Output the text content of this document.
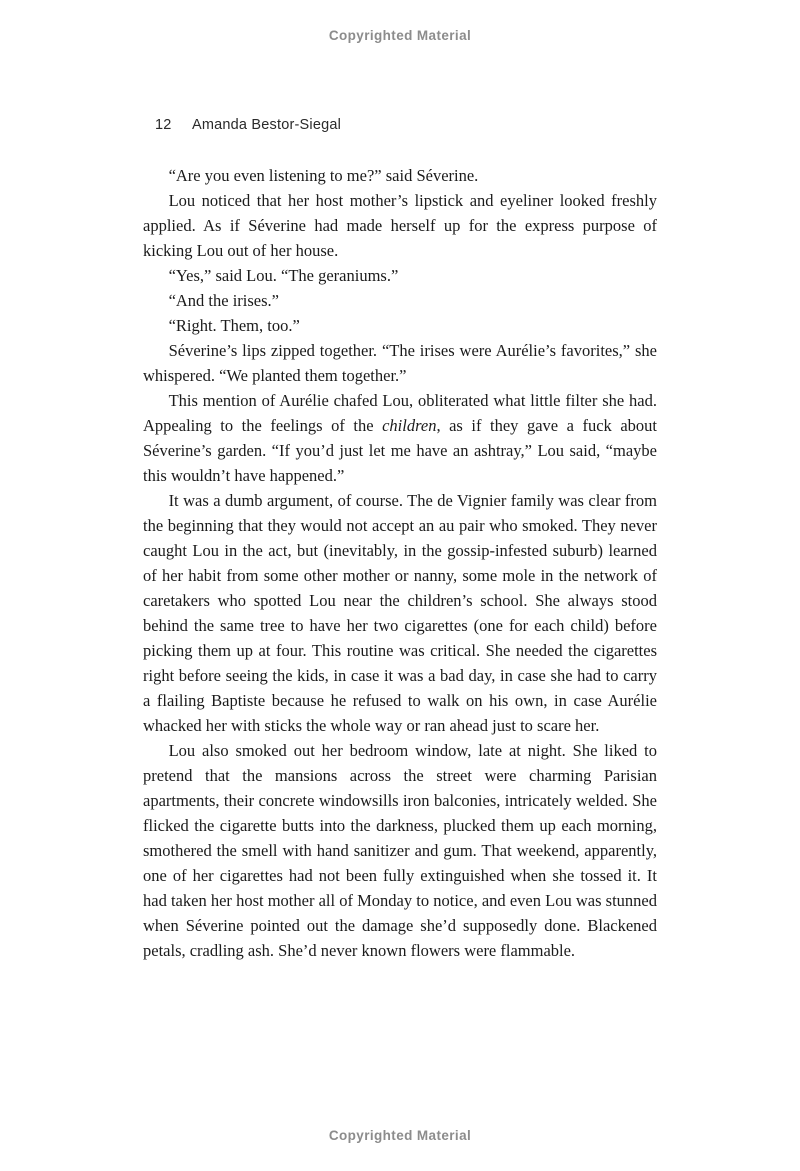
Copyrighted Material
12 Amanda Bestor-Siegal

“Are you even listening to me?” said Séverine.

Lou noticed that her host mother’s lipstick and eyeliner looked freshly applied. As if Séverine had made herself up for the express purpose of kicking Lou out of her house.

“Yes,” said Lou. “The geraniums.”

“And the irises.”

“Right. Them, too.”

Séverine’s lips zipped together. “The irises were Aurélie’s favorites,” she whispered. “We planted them together.”

This mention of Aurélie chafed Lou, obliterated what little filter she had. Appealing to the feelings of the children, as if they gave a fuck about Séverine’s garden. “If you’d just let me have an ashtray,” Lou said, “maybe this wouldn’t have happened.”

It was a dumb argument, of course. The de Vignier family was clear from the beginning that they would not accept an au pair who smoked. They never caught Lou in the act, but (inevitably, in the gossip-infested suburb) learned of her habit from some other mother or nanny, some mole in the network of caretakers who spotted Lou near the children’s school. She always stood behind the same tree to have her two cigarettes (one for each child) before picking them up at four. This routine was critical. She needed the cigarettes right before seeing the kids, in case it was a bad day, in case she had to carry a flailing Baptiste because he refused to walk on his own, in case Aurélie whacked her with sticks the whole way or ran ahead just to scare her.

Lou also smoked out her bedroom window, late at night. She liked to pretend that the mansions across the street were charming Parisian apartments, their concrete windowsills iron balconies, intricately welded. She flicked the cigarette butts into the darkness, plucked them up each morning, smothered the smell with hand sanitizer and gum. That weekend, apparently, one of her cigarettes had not been fully extinguished when she tossed it. It had taken her host mother all of Monday to notice, and even Lou was stunned when Séverine pointed out the damage she’d supposedly done. Blackened petals, cradling ash. She’d never known flowers were flammable.

Copyrighted Material
